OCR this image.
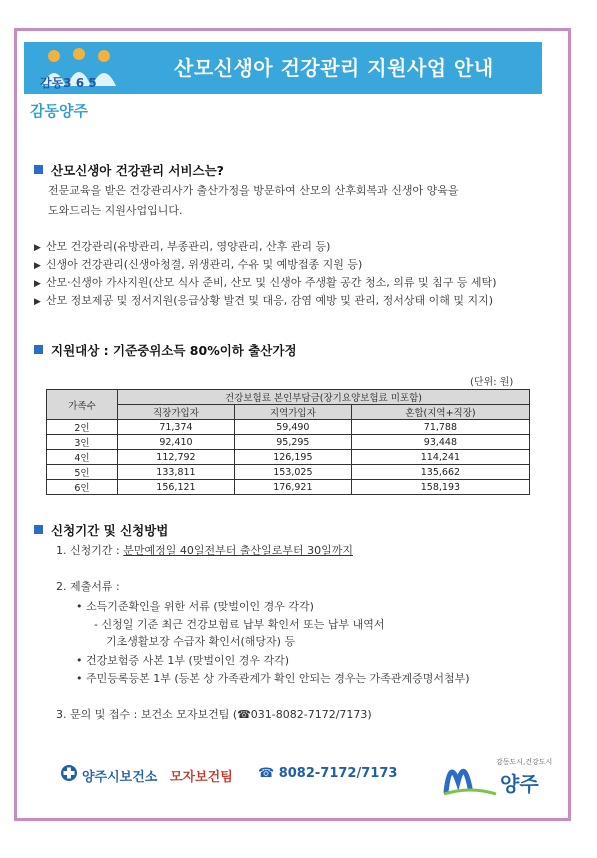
산모신생아 건강관리 지원사업 안내
감동3 6 5
감동양주
산모신생아 건강관리 서비스는?
전문교육을 받은 건강관리사가 출산가정을 방문하여 산모의 산후회복과 신생아 양육을
도와드리는 지원사업입니다.
▶ 산모 건강관리(유방관리, 부종관리, 영양관리, 산후 관리 등)
▶ 신생아 건강관리(신생아청결, 위생관리, 수유 및 예방접종 지원 등)
▶ 산모·신생아 가사지원(산모 식사 준비, 산모 및 신생아 주생활 공간 청소, 의류 및 침구 등 세탁)
▶ 산모 정보제공 및 정서지원(응급상황 발견 및 대응, 감염 예방 및 관리, 정서상태 이해 및 지지)
지원대상 : 기준중위소득 80%이하 출산가정
(단위: 원)
가족수	건강보험료 본인부담금(장기요양보험료 미포함)		
	직장가입자	지역가입자	혼합(지역+직장)
2인	71,374	59,490	71,788
3인	92,410	95,295	93,448
4인	112,792	126,195	114,241
5인	133,811	153,025	135,662
6인	156,121	176,921	158,193
신청기간 및 신청방법
1. 신청기간 : 분만예정일 40일전부터 출산일로부터 30일까지
2. 제출서류 :
• 소득기준확인을 위한 서류 (맞벌이인 경우 각각)
- 신청일 기준 최근 건강보험료 납부 확인서 또는 납부 내역서
기초생활보장 수급자 확인서(해당자) 등
• 건강보험증 사본 1부 (맞벌이인 경우 각각)
• 주민등록등본 1부 (등본 상 가족관계가 확인 안되는 경우는 가족관계증명서첨부)
3. 문의 및 접수 : 보건소 모자보건팀 (☎031-8082-7172/7173)
양주시보건소 모자보건팀 ☎ 8082-7172/7173
감동도시,건강도시
양주
